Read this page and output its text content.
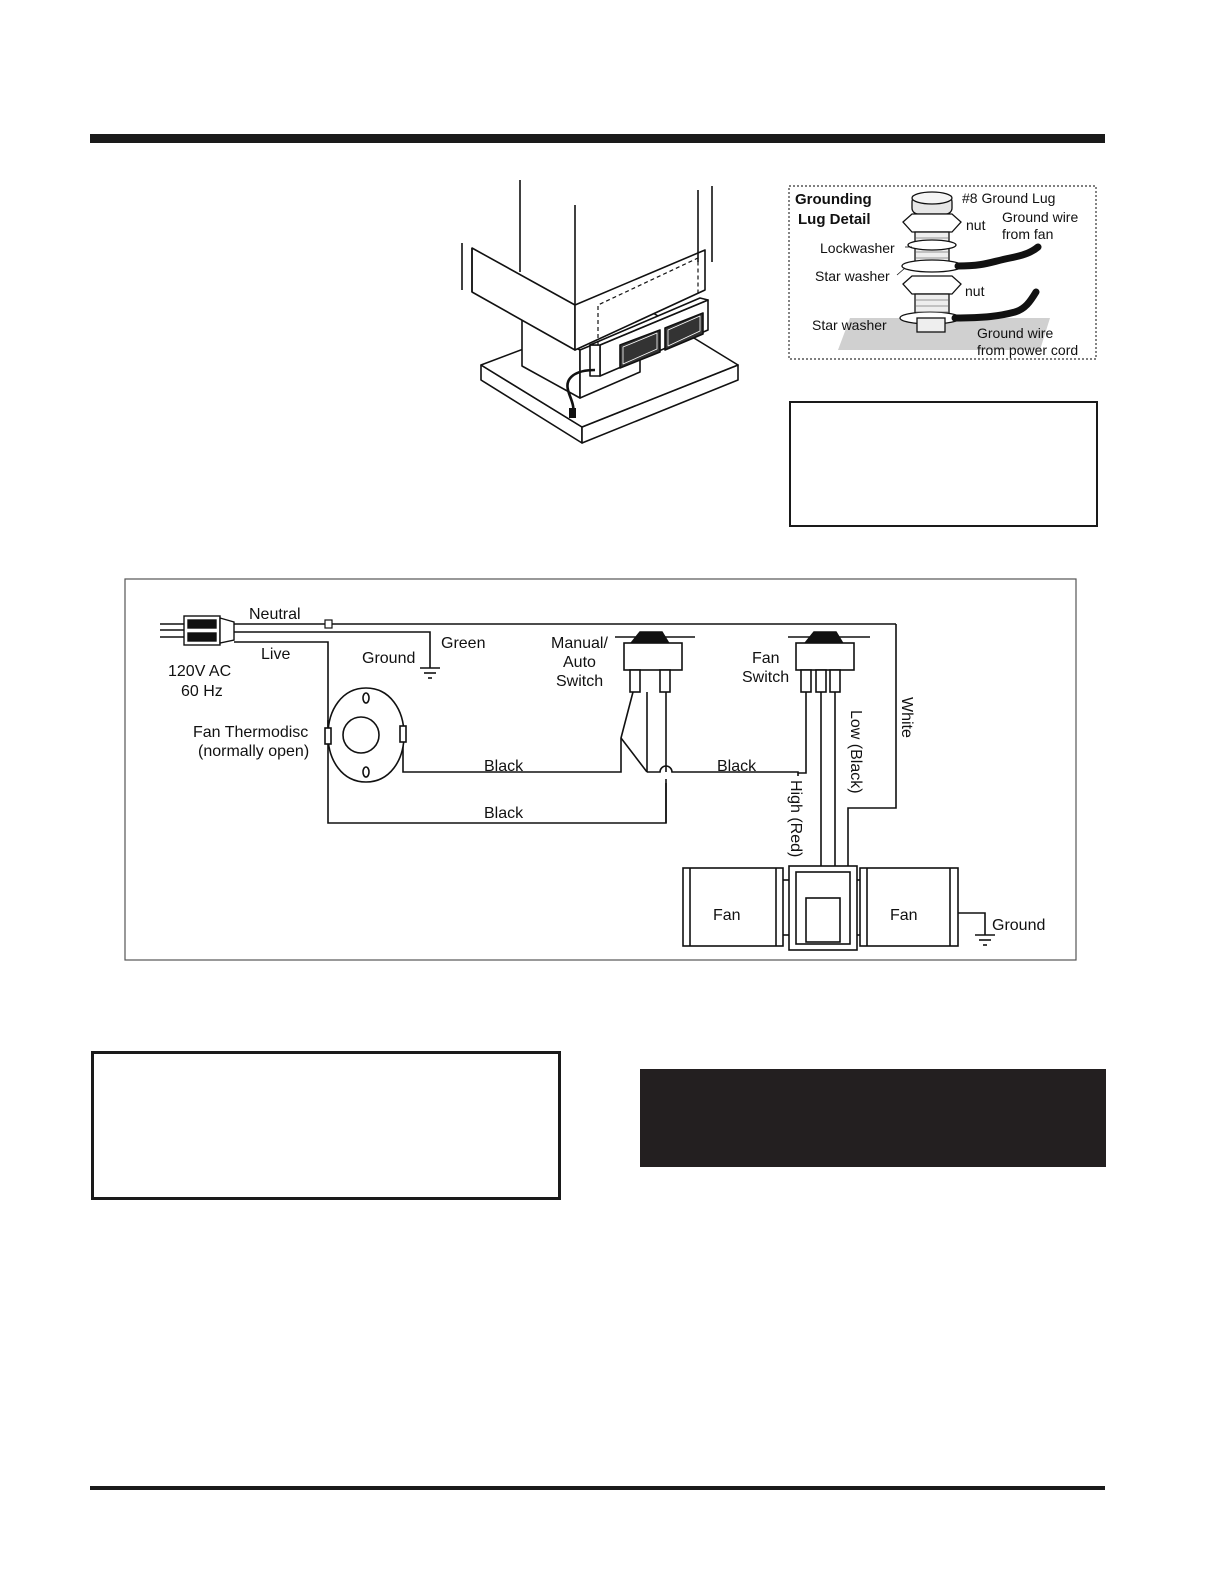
Grounding
Lug Detail
#8 Ground Lug
nut Ground wire
from fan
Lockwasher
Star washer
nut
Star washer	Ground wire
from power cord
Neutral
Live
120V AC
60 Hz
Ground
Green
Fan Thermodisc
(normally open)
Manual/
Auto
Switch
Fan
Switch
Black	Black
Black
White
Low (Black)
High (Red)
Fan	Fan
Ground
